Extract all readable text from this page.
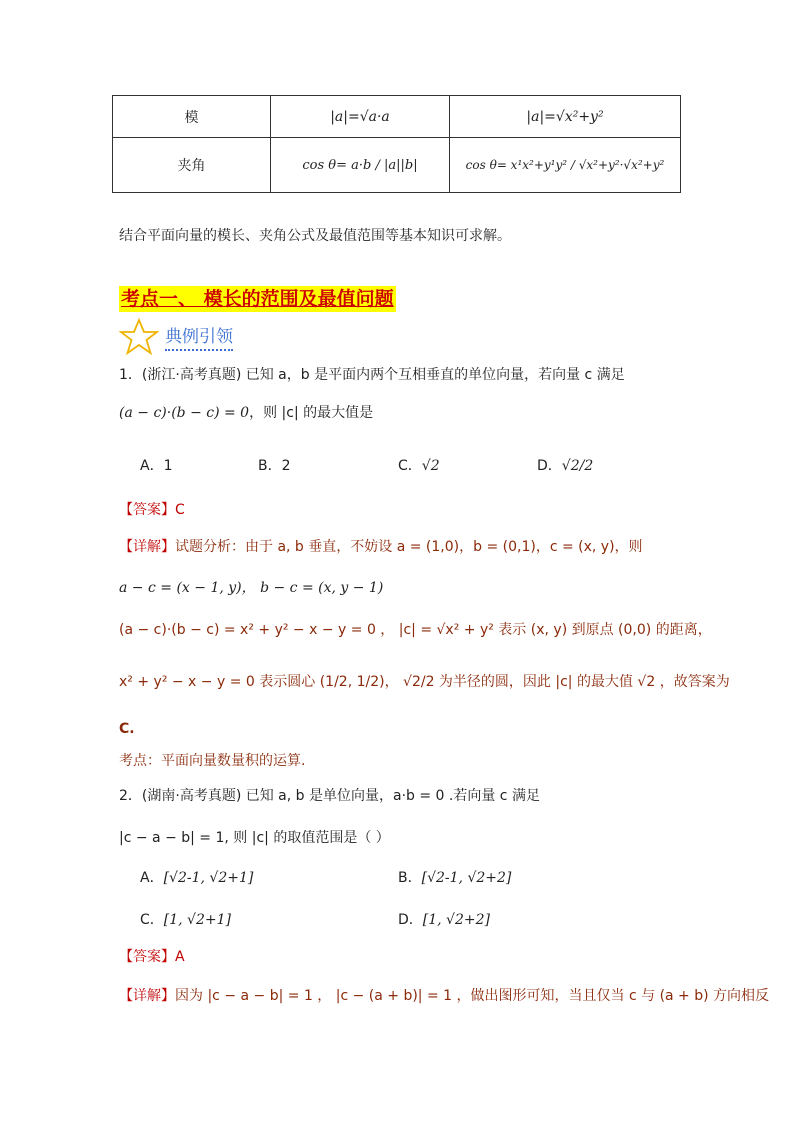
模	|a|=√a·a	|a|=√x²+y²
夹角	cos θ= a·b / |a||b|	cos θ= x¹x²+y¹y² / √x²+y²·√x²+y²
结合平面向量的模长、夹角公式及最值范围等基本知识可求解。
考点一、 模长的范围及最值问题
典例引领
1．(浙江·高考真题) 已知 a，b 是平面内两个互相垂直的单位向量，若向量 c 满足
(a − c)·(b − c) = 0，则 |c| 的最大值是
A．1	B．2	C．√2	D．√2/2
【答案】C
【详解】试题分析：由于 a, b 垂直，不妨设 a = (1,0)，b = (0,1)，c = (x, y)，则
a − c = (x − 1, y)， b − c = (x, y − 1)
(a − c)·(b − c) = x² + y² − x − y = 0 ， |c| = √x² + y² 表示 (x, y) 到原点 (0,0) 的距离，
x² + y² − x − y = 0 表示圆心 (1/2, 1/2)， √2/2 为半径的圆，因此 |c| 的最大值 √2 ，故答案为
C.
考点：平面向量数量积的运算.
2．(湖南·高考真题) 已知 a, b 是单位向量，a·b = 0 .若向量 c 满足
|c − a − b| = 1, 则 |c| 的取值范围是（ ）
A．[√2-1, √2+1]	B．[√2-1, √2+2]
C．[1, √2+1]	D．[1, √2+2]
【答案】A
【详解】因为 |c − a − b| = 1 ， |c − (a + b)| = 1 ，做出图形可知，当且仅当 c 与 (a + b) 方向相反
